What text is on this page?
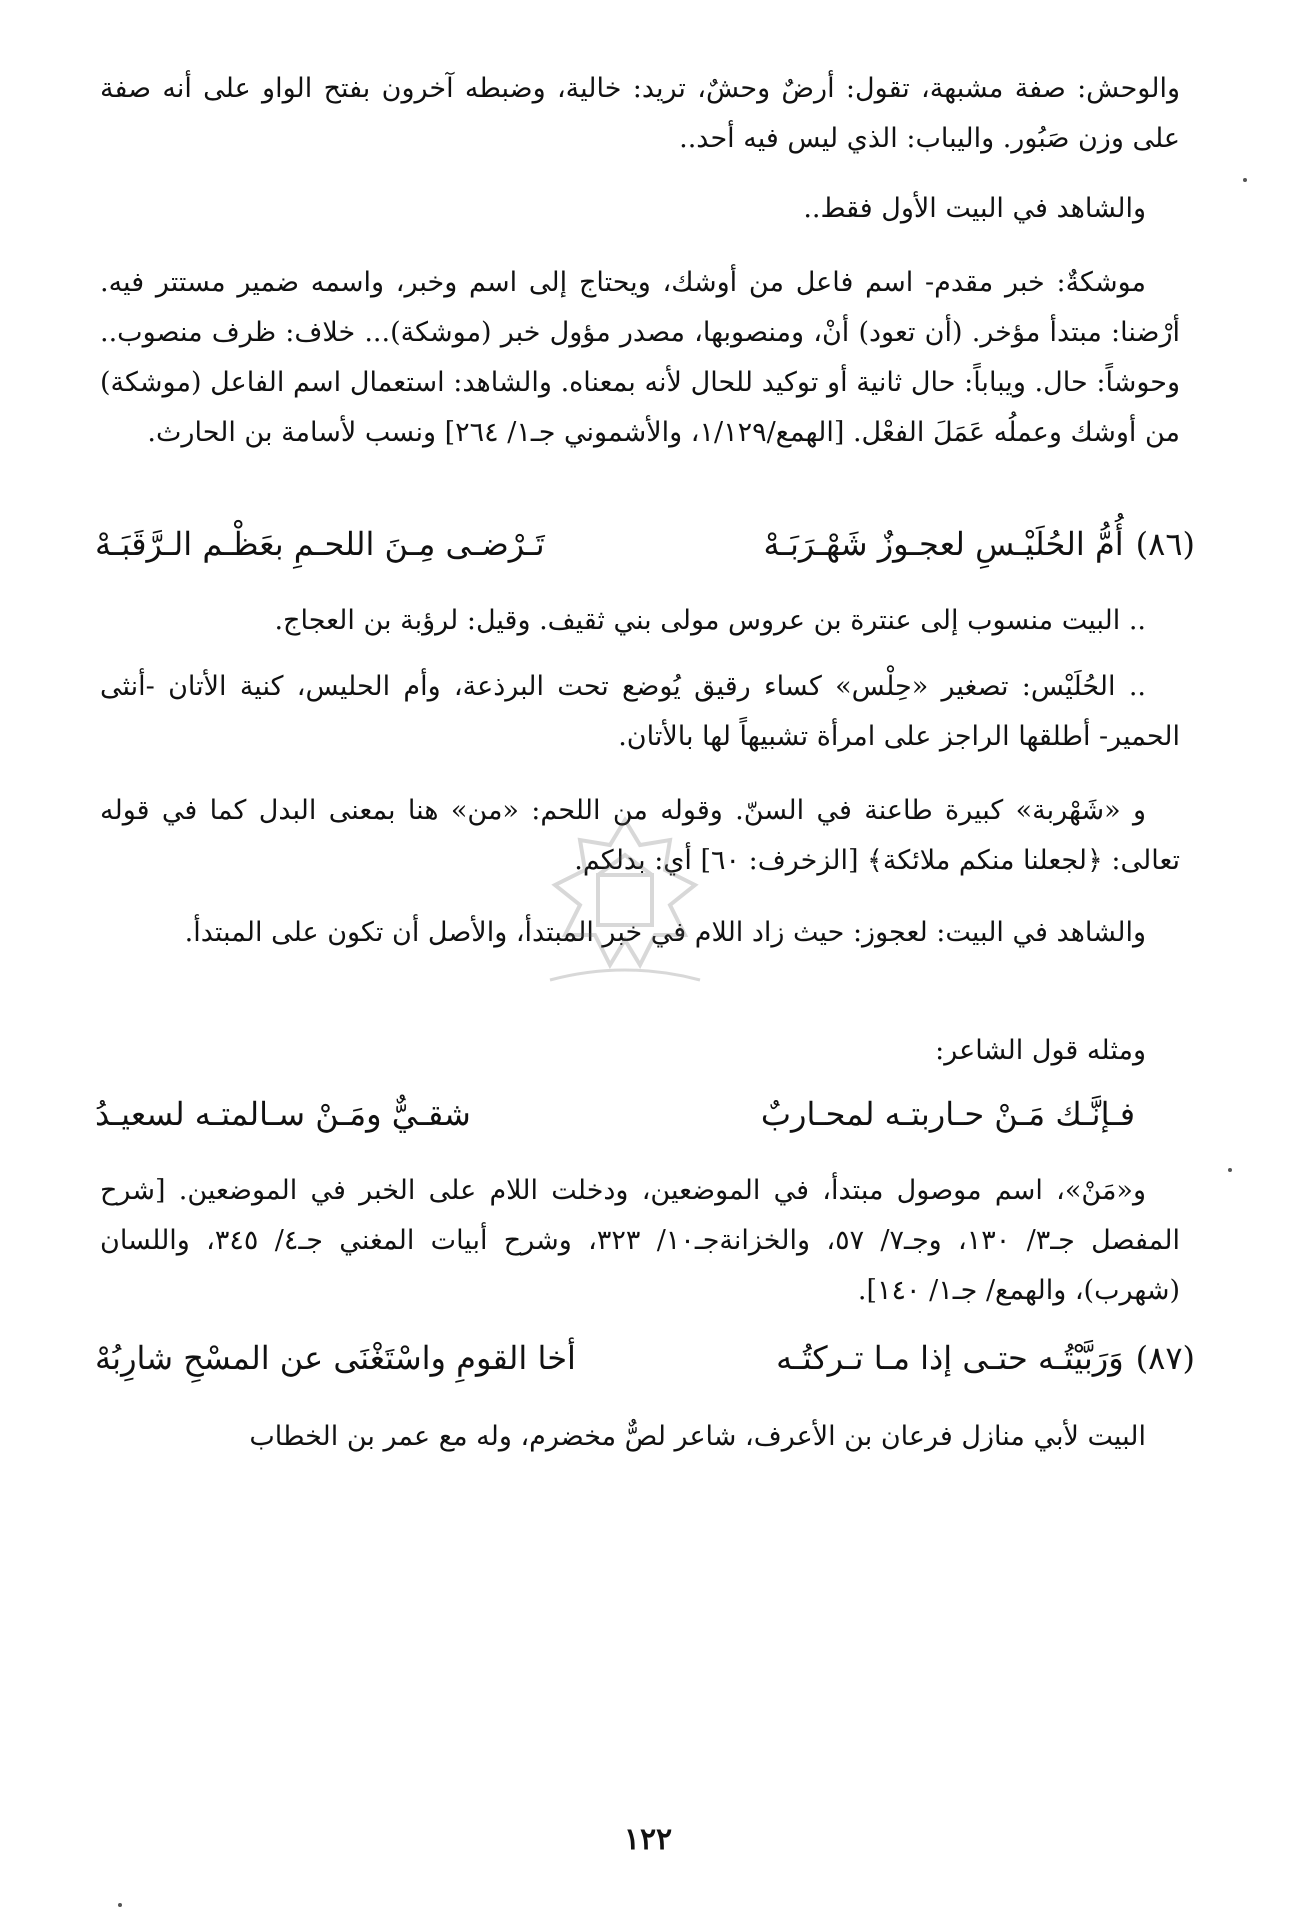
والوحش: صفة مشبهة، تقول: أرضٌ وحشٌ، تريد: خالية، وضبطه آخرون بفتح الواو على أنه صفة على وزن صَبُور. واليباب: الذي ليس فيه أحد..
والشاهد في البيت الأول فقط..
موشكةٌ: خبر مقدم- اسم فاعل من أوشك، ويحتاج إلى اسم وخبر، واسمه ضمير مستتر فيه. أرْضنا: مبتدأ مؤخر. (أن تعود) أنْ، ومنصوبها، مصدر مؤول خبر (موشكة)... خلاف: ظرف منصوب.. وحوشاً: حال. ويباباً: حال ثانية أو توكيد للحال لأنه بمعناه. والشاهد: استعمال اسم الفاعل (موشكة) من أوشك وعملُه عَمَلَ الفعْل. [الهمع/١/١٢٩، والأشموني جـ١/ ٢٦٤] ونسب لأسامة بن الحارث.
(٨٦)
أُمُّ الحُلَيْـسِ لعجـوزٌ شَهْـرَبَـهْ
تَـرْضـى مِـنَ اللحـمِ بعَظْـم الـرَّقَبَـهْ
.. البيت منسوب إلى عنترة بن عروس مولى بني ثقيف. وقيل: لرؤبة بن العجاج.
.. الحُلَيْس: تصغير «حِلْس» كساء رقيق يُوضع تحت البرذعة، وأم الحليس، كنية الأتان -أنثى الحمير- أطلقها الراجز على امرأة تشبيهاً لها بالأتان.
و «شَهْربة» كبيرة طاعنة في السنّ. وقوله من اللحم: «من» هنا بمعنى البدل كما في قوله تعالى: ﴿لجعلنا منكم ملائكة﴾ [الزخرف: ٦٠] أي: بدلكم.
والشاهد في البيت: لعجوز: حيث زاد اللام في خبر المبتدأ، والأصل أن تكون على المبتدأ.
ومثله قول الشاعر:
فـإنَّـك مَـنْ حـاربتـه لمحـاربٌ
شقـيٌّ ومَـنْ سـالمتـه لسعيـدُ
و«مَنْ»، اسم موصول مبتدأ، في الموضعين، ودخلت اللام على الخبر في الموضعين. [شرح المفصل جـ٣/ ١٣٠، وجـ٧/ ٥٧، والخزانةجـ١٠/ ٣٢٣، وشرح أبيات المغني جـ٤/ ٣٤٥، واللسان (شهرب)، والهمع/ جـ١/ ١٤٠].
(٨٧)
وَرَبَّيْتُـه حتـى إذا مـا تـركتُـه
أخا القومِ واسْتَغْنَى عن المسْحِ شارِبُهْ
البيت لأبي منازل فرعان بن الأعرف، شاعر لصٌّ مخضرم، وله مع عمر بن الخطاب
١٢٢
